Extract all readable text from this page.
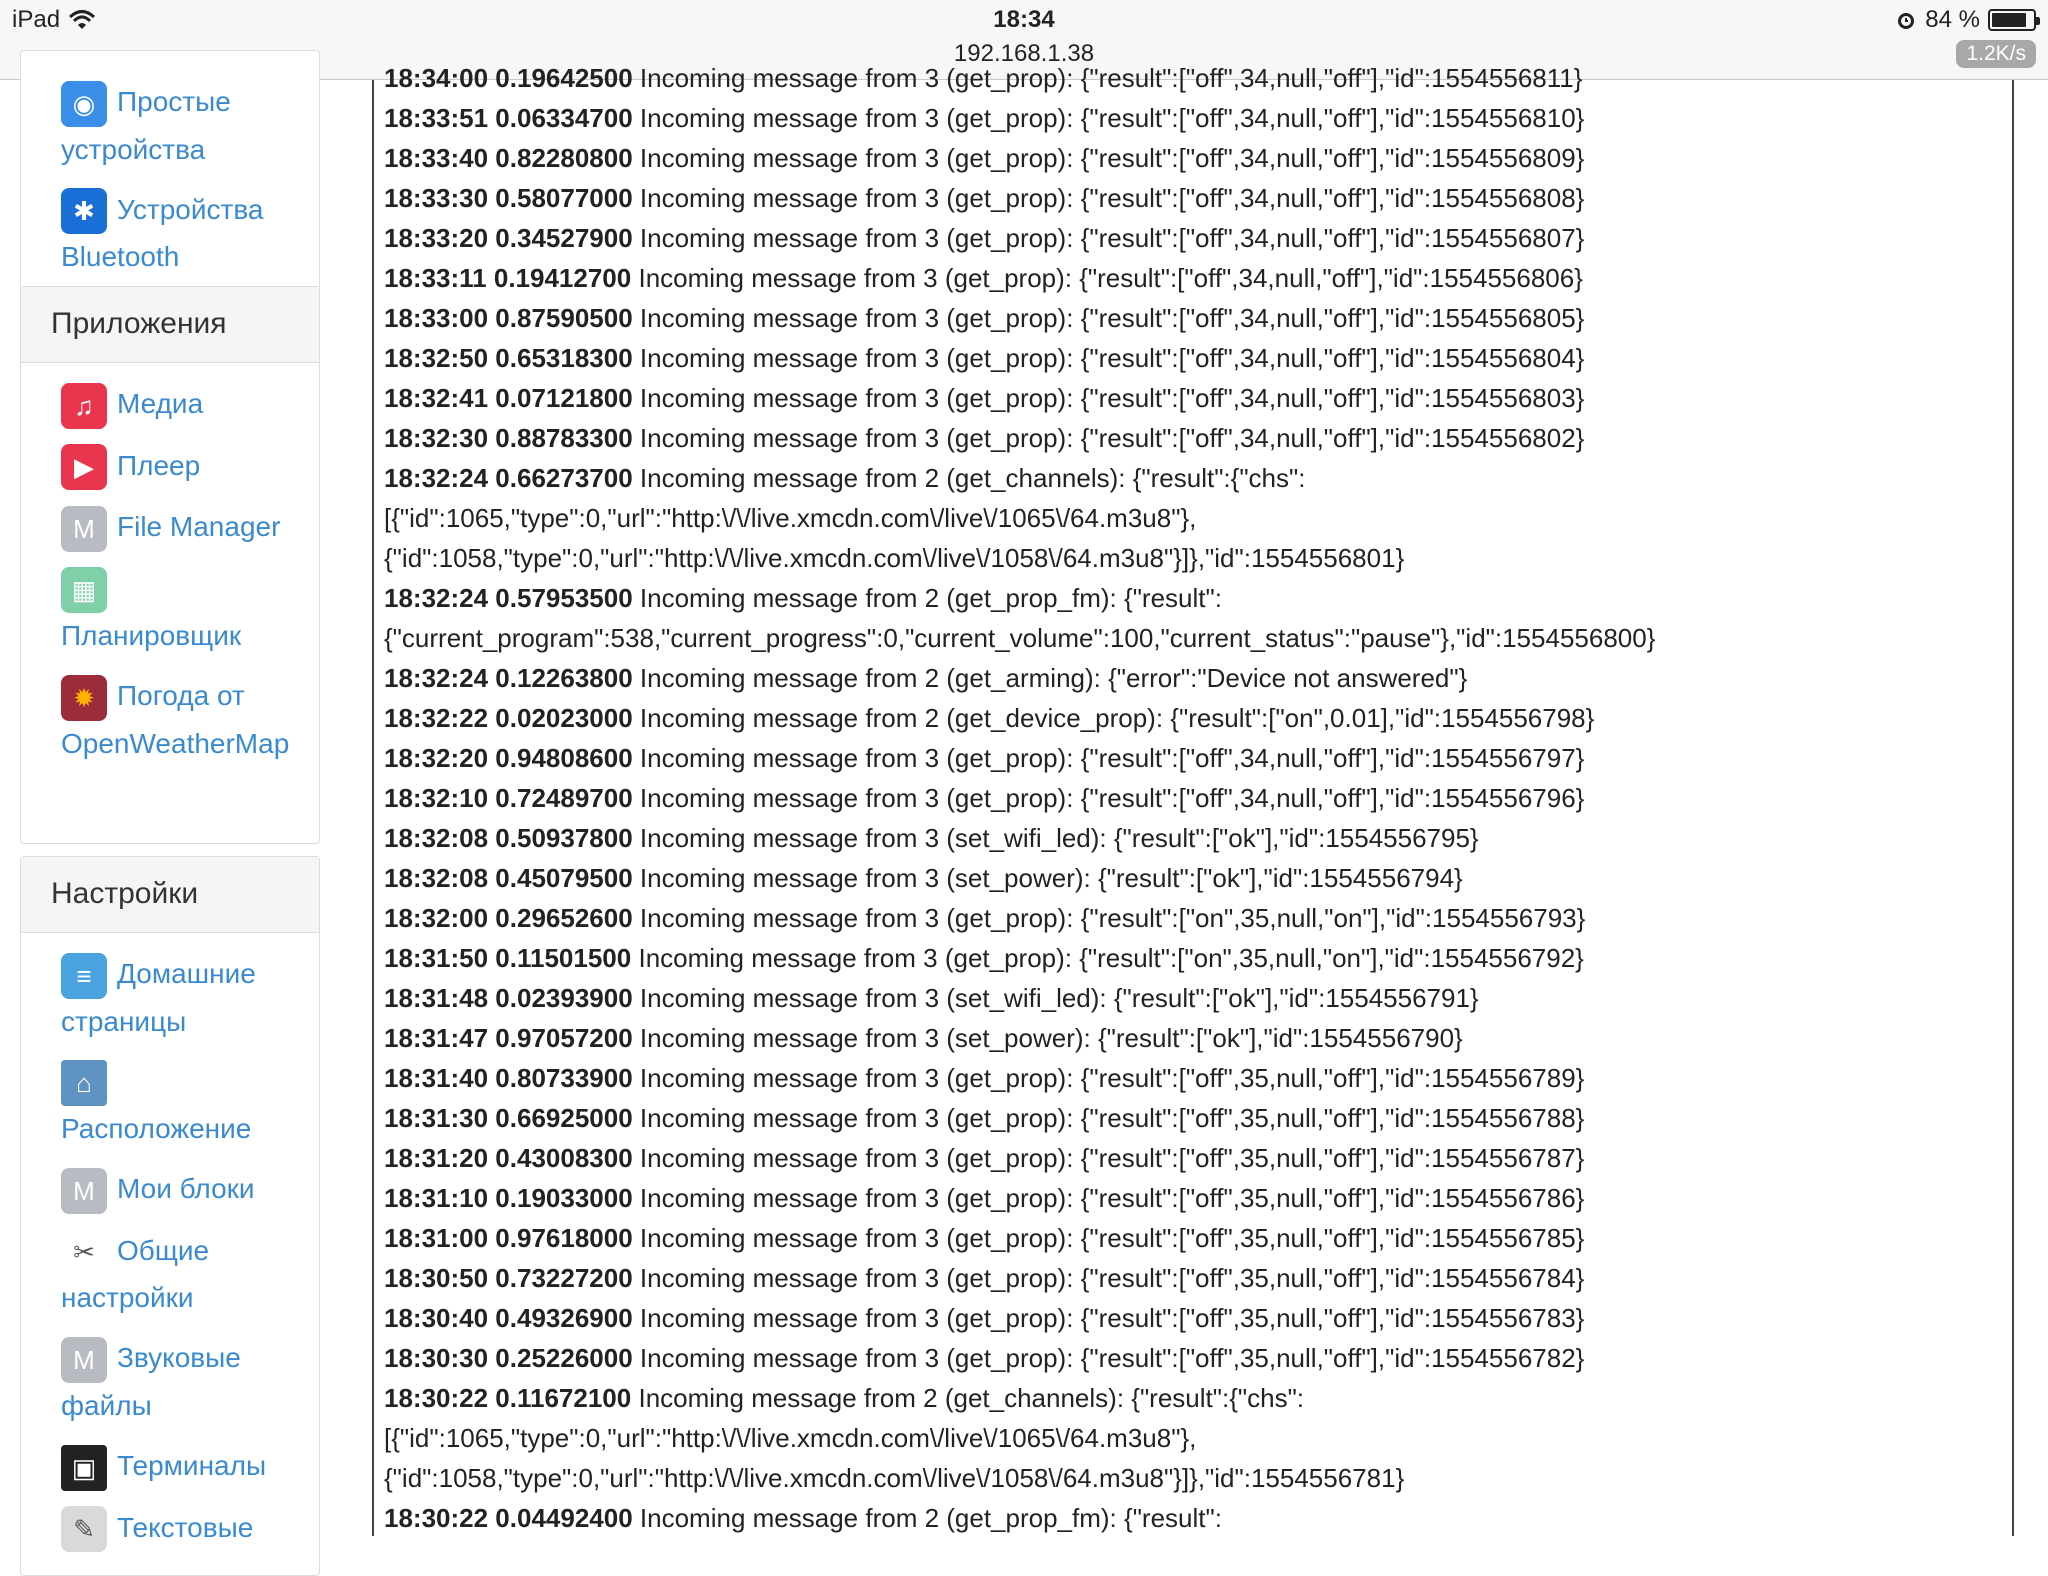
iPad	18:34
192.168.1.38
84 %
1.2K/s
◉ Простые устройства
✱ Устройства Bluetooth
Приложения
♫ Медиа
▶ Плеер
M File Manager
▦Планировщик
✹ Погода от OpenWeatherMap
Настройки
≡ Домашние страницы
⌂Расположение
M Мои блоки
✂ Общие настройки
M Звуковые файлы
▣ Терминалы
✎ Текстовые
18:34:00 0.19642500 Incoming message from 3 (get_prop): {"result":["off",34,null,"off"],"id":1554556811}
18:33:51 0.06334700 Incoming message from 3 (get_prop): {"result":["off",34,null,"off"],"id":1554556810}
18:33:40 0.82280800 Incoming message from 3 (get_prop): {"result":["off",34,null,"off"],"id":1554556809}
18:33:30 0.58077000 Incoming message from 3 (get_prop): {"result":["off",34,null,"off"],"id":1554556808}
18:33:20 0.34527900 Incoming message from 3 (get_prop): {"result":["off",34,null,"off"],"id":1554556807}
18:33:11 0.19412700 Incoming message from 3 (get_prop): {"result":["off",34,null,"off"],"id":1554556806}
18:33:00 0.87590500 Incoming message from 3 (get_prop): {"result":["off",34,null,"off"],"id":1554556805}
18:32:50 0.65318300 Incoming message from 3 (get_prop): {"result":["off",34,null,"off"],"id":1554556804}
18:32:41 0.07121800 Incoming message from 3 (get_prop): {"result":["off",34,null,"off"],"id":1554556803}
18:32:30 0.88783300 Incoming message from 3 (get_prop): {"result":["off",34,null,"off"],"id":1554556802}
18:32:24 0.66273700 Incoming message from 2 (get_channels): {"result":{"chs":
[{"id":1065,"type":0,"url":"http:\/\/live.xmcdn.com\/live\/1065\/64.m3u8"},
{"id":1058,"type":0,"url":"http:\/\/live.xmcdn.com\/live\/1058\/64.m3u8"}]},"id":1554556801}
18:32:24 0.57953500 Incoming message from 2 (get_prop_fm): {"result":
{"current_program":538,"current_progress":0,"current_volume":100,"current_status":"pause"},"id":1554556800}
18:32:24 0.12263800 Incoming message from 2 (get_arming): {"error":"Device not answered"}
18:32:22 0.02023000 Incoming message from 2 (get_device_prop): {"result":["on",0.01],"id":1554556798}
18:32:20 0.94808600 Incoming message from 3 (get_prop): {"result":["off",34,null,"off"],"id":1554556797}
18:32:10 0.72489700 Incoming message from 3 (get_prop): {"result":["off",34,null,"off"],"id":1554556796}
18:32:08 0.50937800 Incoming message from 3 (set_wifi_led): {"result":["ok"],"id":1554556795}
18:32:08 0.45079500 Incoming message from 3 (set_power): {"result":["ok"],"id":1554556794}
18:32:00 0.29652600 Incoming message from 3 (get_prop): {"result":["on",35,null,"on"],"id":1554556793}
18:31:50 0.11501500 Incoming message from 3 (get_prop): {"result":["on",35,null,"on"],"id":1554556792}
18:31:48 0.02393900 Incoming message from 3 (set_wifi_led): {"result":["ok"],"id":1554556791}
18:31:47 0.97057200 Incoming message from 3 (set_power): {"result":["ok"],"id":1554556790}
18:31:40 0.80733900 Incoming message from 3 (get_prop): {"result":["off",35,null,"off"],"id":1554556789}
18:31:30 0.66925000 Incoming message from 3 (get_prop): {"result":["off",35,null,"off"],"id":1554556788}
18:31:20 0.43008300 Incoming message from 3 (get_prop): {"result":["off",35,null,"off"],"id":1554556787}
18:31:10 0.19033000 Incoming message from 3 (get_prop): {"result":["off",35,null,"off"],"id":1554556786}
18:31:00 0.97618000 Incoming message from 3 (get_prop): {"result":["off",35,null,"off"],"id":1554556785}
18:30:50 0.73227200 Incoming message from 3 (get_prop): {"result":["off",35,null,"off"],"id":1554556784}
18:30:40 0.49326900 Incoming message from 3 (get_prop): {"result":["off",35,null,"off"],"id":1554556783}
18:30:30 0.25226000 Incoming message from 3 (get_prop): {"result":["off",35,null,"off"],"id":1554556782}
18:30:22 0.11672100 Incoming message from 2 (get_channels): {"result":{"chs":
[{"id":1065,"type":0,"url":"http:\/\/live.xmcdn.com\/live\/1065\/64.m3u8"},
{"id":1058,"type":0,"url":"http:\/\/live.xmcdn.com\/live\/1058\/64.m3u8"}]},"id":1554556781}
18:30:22 0.04492400 Incoming message from 2 (get_prop_fm): {"result":
